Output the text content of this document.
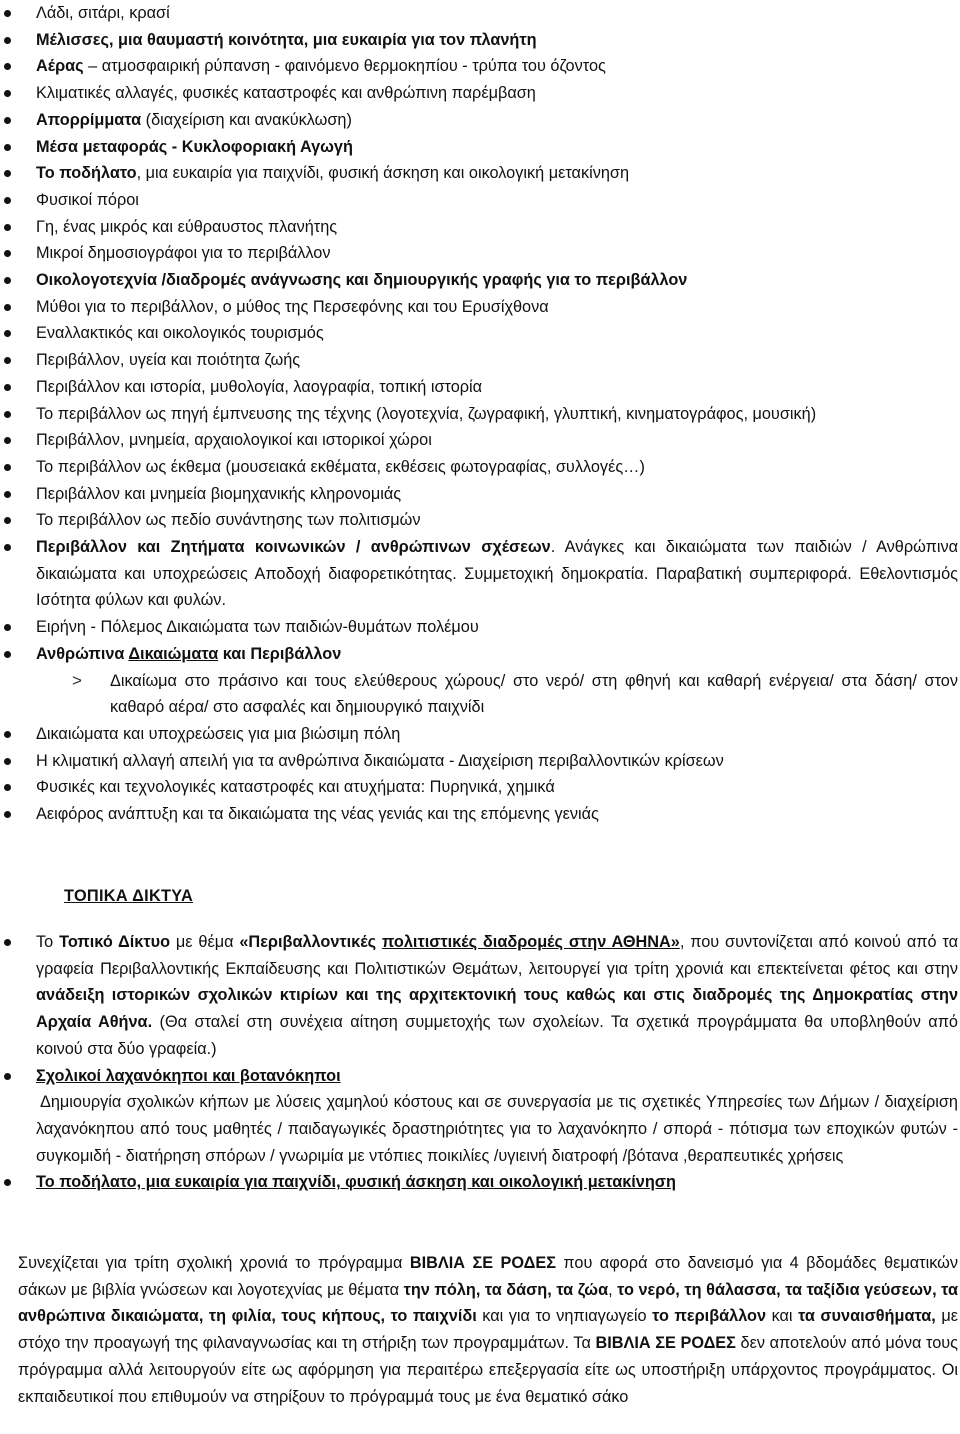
Λάδι, σιτάρι, κρασί
Μέλισσες, μια θαυμαστή κοινότητα, μια ευκαιρία για τον πλανήτη
Αέρας – ατμοσφαιρική ρύπανση - φαινόμενο θερμοκηπίου - τρύπα του όζοντος
Κλιματικές αλλαγές, φυσικές καταστροφές και ανθρώπινη παρέμβαση
Απορρίμματα (διαχείριση και ανακύκλωση)
Μέσα μεταφοράς - Κυκλοφοριακή Αγωγή
Το ποδήλατο, μια ευκαιρία για παιχνίδι, φυσική άσκηση και οικολογική μετακίνηση
Φυσικοί πόροι
Γη, ένας μικρός και εύθραυστος πλανήτης
Μικροί δημοσιογράφοι για το περιβάλλον
Οικολογοτεχνία /διαδρομές ανάγνωσης και δημιουργικής γραφής για το περιβάλλον
Μύθοι για το περιβάλλον, ο μύθος της Περσεφόνης και του Ερυσίχθονα
Εναλλακτικός και οικολογικός τουρισμός
Περιβάλλον, υγεία και ποιότητα ζωής
Περιβάλλον και ιστορία, μυθολογία, λαογραφία, τοπική ιστορία
Το περιβάλλον ως πηγή έμπνευσης της τέχνης (λογοτεχνία, ζωγραφική, γλυπτική, κινηματογράφος, μουσική)
Περιβάλλον, μνημεία, αρχαιολογικοί και ιστορικοί χώροι
Το περιβάλλον ως έκθεμα (μουσειακά εκθέματα, εκθέσεις φωτογραφίας, συλλογές…)
Περιβάλλον και μνημεία βιομηχανικής κληρονομιάς
Το περιβάλλον ως πεδίο συνάντησης των πολιτισμών
Περιβάλλον και Ζητήματα κοινωνικών / ανθρώπινων σχέσεων. Ανάγκες και δικαιώματα των παιδιών / Ανθρώπινα δικαιώματα και υποχρεώσεις Αποδοχή διαφορετικότητας. Συμμετοχική δημοκρατία. Παραβατική συμπεριφορά. Εθελοντισμός Ισότητα φύλων και φυλών.
Ειρήνη - Πόλεμος Δικαιώματα των παιδιών-θυμάτων πολέμου
Ανθρώπινα Δικαιώματα και Περιβάλλον
> Δικαίωμα στο πράσινο και τους ελεύθερους χώρους/ στο νερό/ στη φθηνή και καθαρή ενέργεια/ στα δάση/ στον καθαρό αέρα/ στο ασφαλές και δημιουργικό παιχνίδι
Δικαιώματα και υποχρεώσεις για μια βιώσιμη πόλη
Η κλιματική αλλαγή απειλή για τα ανθρώπινα δικαιώματα - Διαχείριση περιβαλλοντικών κρίσεων
Φυσικές και τεχνολογικές καταστροφές και ατυχήματα: Πυρηνικά, χημικά
Αειφόρος ανάπτυξη και τα δικαιώματα της νέας γενιάς και της επόμενης γενιάς
ΤΟΠΙΚΑ ΔΙΚΤΥΑ
Το Τοπικό Δίκτυο με θέμα «Περιβαλλοντικές πολιτιστικές διαδρομές στην ΑΘΗΝΑ», που συντονίζεται από κοινού από τα γραφεία Περιβαλλοντικής Εκπαίδευσης και Πολιτιστικών Θεμάτων, λειτουργεί για τρίτη χρονιά και επεκτείνεται φέτος και στην ανάδειξη ιστορικών σχολικών κτιρίων και της αρχιτεκτονική τους καθώς και στις διαδρομές της Δημοκρατίας στην Αρχαία Αθήνα. (Θα σταλεί στη συνέχεια αίτηση συμμετοχής των σχολείων. Τα σχετικά προγράμματα θα υποβληθούν από κοινού στα δύο γραφεία.)
Σχολικοί λαχανόκηποι και βοτανόκηποι
Δημιουργία σχολικών κήπων με λύσεις χαμηλού κόστους και σε συνεργασία με τις σχετικές Υπηρεσίες των Δήμων / διαχείριση λαχανόκηπου από τους μαθητές / παιδαγωγικές δραστηριότητες για το λαχανόκηπο / σπορά - πότισμα των εποχικών φυτών - συγκομιδή - διατήρηση σπόρων / γνωριμία με ντόπιες ποικιλίες /υγιεινή διατροφή /βότανα ,θεραπευτικές χρήσεις
Το ποδήλατο, μια ευκαιρία για παιχνίδι, φυσική άσκηση και οικολογική μετακίνηση

Συνεχίζεται για τρίτη σχολική χρονιά το πρόγραμμα ΒΙΒΛΙΑ ΣΕ ΡΟΔΕΣ που αφορά στο δανεισμό για 4 βδομάδες θεματικών σάκων με βιβλία γνώσεων και λογοτεχνίας με θέματα την πόλη, τα δάση, τα ζώα, το νερό, τη θάλασσα, τα ταξίδια γεύσεων, τα ανθρώπινα δικαιώματα, τη φιλία, τους κήπους, το παιχνίδι και για το νηπιαγωγείο το περιβάλλον και τα συναισθήματα, με στόχο την προαγωγή της φιλαναγνωσίας και τη στήριξη των προγραμμάτων. Τα ΒΙΒΛΙΑ ΣΕ ΡΟΔΕΣ δεν αποτελούν από μόνα τους πρόγραμμα αλλά λειτουργούν είτε ως αφόρμηση για περαιτέρω επεξεργασία είτε ως υποστήριξη υπάρχοντος προγράμματος. Οι εκπαιδευτικοί που επιθυμούν να στηρίξουν το πρόγραμμά τους με ένα θεματικό σάκο
